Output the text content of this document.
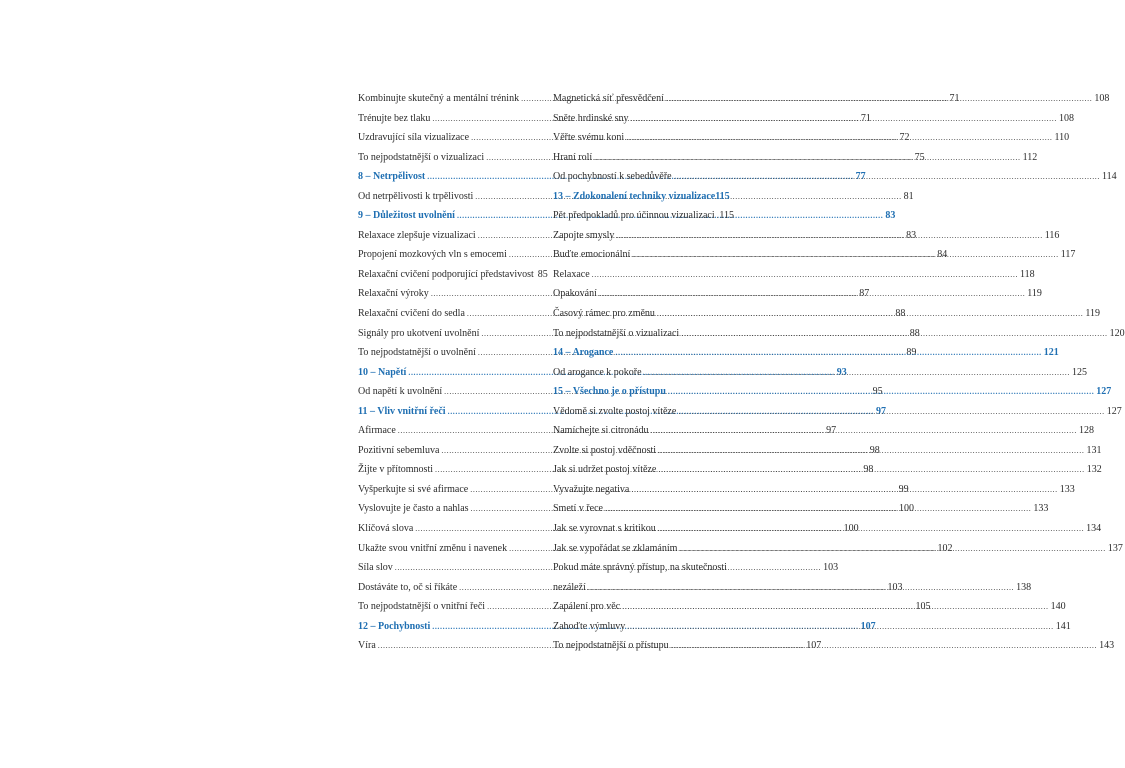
Kombinujte skutečný a mentální trénink .....	71
Trénujte bez tlaku .....	71
Uzdravující síla vizualizace .....	72
To nejpodstatnější o vizualizaci .....	75
8 – Netrpělivost .....	77
Od netrpělivosti k trpělivosti .....	81
9 – Důležitost uvolnění .....	83
Relaxace zlepšuje vizualizaci .....	83
Propojení mozkových vln s emocemi .....	84
Relaxační cvičení podporující představivost 85
Relaxační výroky .....	87
Relaxační cvičení do sedla .....	88
Signály pro ukotvení uvolnění .....	88
To nejpodstatnější o uvolnění .....	89
10 – Napětí .....	93
Od napětí k uvolnění .....	95
11 – Vliv vnitřní řeči .....	97
Afirmace .....	97
Pozitivní sebemluva .....	98
Žijte v přítomnosti .....	98
Vyšperkujte si své afirmace .....	99
Vyslovujte je často a nahlas .....	100
Klíčová slova .....	100
Ukažte svou vnitřní změnu i navenek .....	102
Síla slov .....	103
Dostáváte to, oč si říkáte .....	103
To nejpodstatnější o vnitřní řeči .....	105
12 – Pochybnosti .....	107
Víra .....	107
Magnetická síť přesvědčení .....	108
Sněte hrdinské sny .....	108
Věřte svému koni .....	110
Hraní rolí .....	112
Od pochybností k sebedůvěře .....	114
13 – Zdokonalení techniky vizualizace 115
Pět předpokladů pro účinnou vizualizaci ..... 115
Zapojte smysly .....	116
Buďte emocionální .....	117
Relaxace .....	118
Opakování .....	119
Časový rámec pro změnu .....	119
To nejpodstatnější o vizualizaci .....	120
14 – Arogance .....	121
Od arogance k pokoře .....	125
15 – Všechno je o přístupu .....	127
Vědomě si zvolte postoj vítěze .....	127
Namíchejte si citronádu .....	128
Zvolte si postoj vděčnosti .....	131
Jak si udržet postoj vítěze .....	132
Vyvažujte negativa .....	133
Smetí v řece .....	133
Jak se vyrovnat s kritikou .....	134
Jak se vypořádat se zklamáním .....	137
Pokud máte správný přístup, na skutečnosti
nezáleží .....	138
Zapálení pro věc .....	140
Zahoďte výmluvy .....	141
To nejpodstatnější o přístupu .....	143
